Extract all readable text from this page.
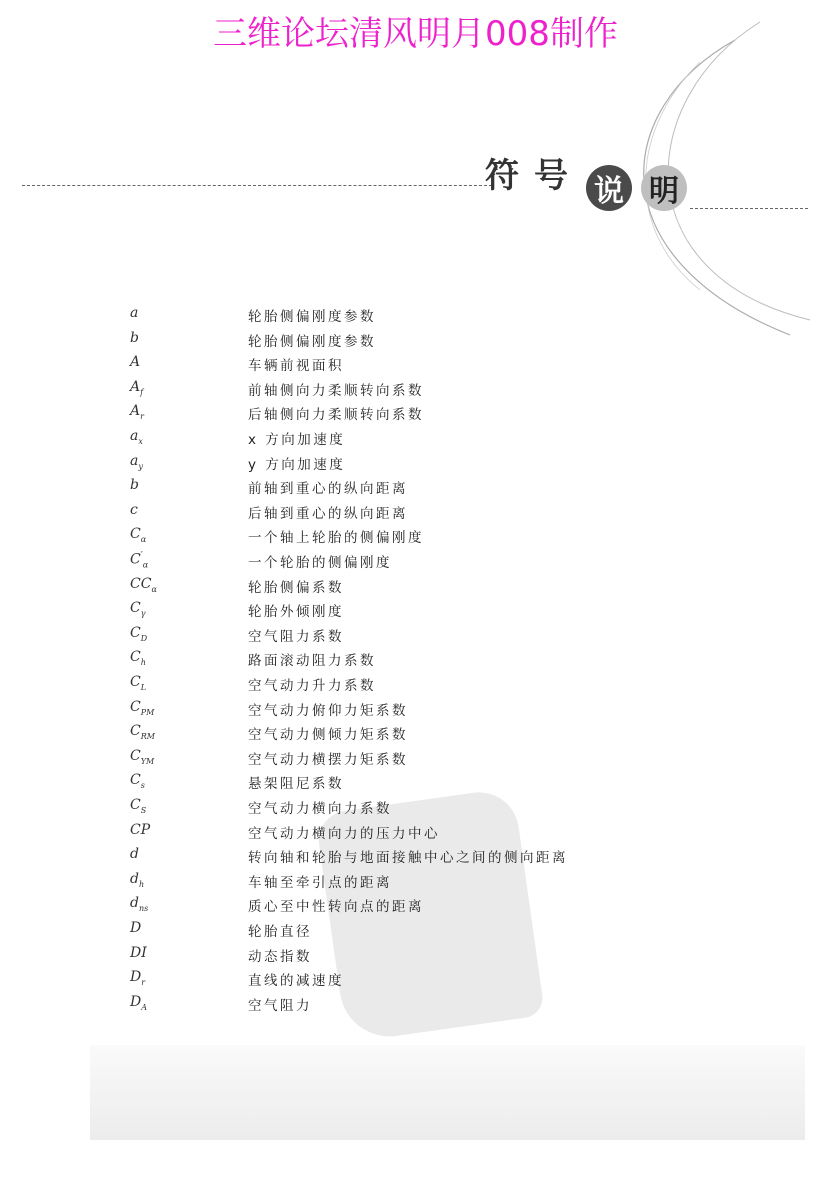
三维论坛清风明月008制作
符 号 说 明
a	轮胎侧偏刚度参数
b	轮胎侧偏刚度参数
A	车辆前视面积
$A_f$	前轴侧向力柔顺转向系数
$A_r$	后轴侧向力柔顺转向系数
$a_x$	x 方向加速度
$a_y$	y 方向加速度
b	前轴到重心的纵向距离
c	后轴到重心的纵向距离
$C_\alpha$	一个轴上轮胎的侧偏刚度
$C'_\alpha$	一个轮胎的侧偏刚度
$CC_\alpha$	轮胎侧偏系数
$C_\gamma$	轮胎外倾刚度
$C_D$	空气阻力系数
$C_h$	路面滚动阻力系数
$C_L$	空气动力升力系数
$C_{PM}$	空气动力俯仰力矩系数
$C_{RM}$	空气动力侧倾力矩系数
$C_{YM}$	空气动力横摆力矩系数
$C_s$	悬架阻尼系数
$C_S$	空气动力横向力系数
CP	空气动力横向力的压力中心
d	转向轴和轮胎与地面接触中心之间的侧向距离
$d_h$	车轴至牵引点的距离
$d_{ns}$	质心至中性转向点的距离
D	轮胎直径
DI	动态指数
$D_r$	直线的减速度
$D_A$	空气阻力
